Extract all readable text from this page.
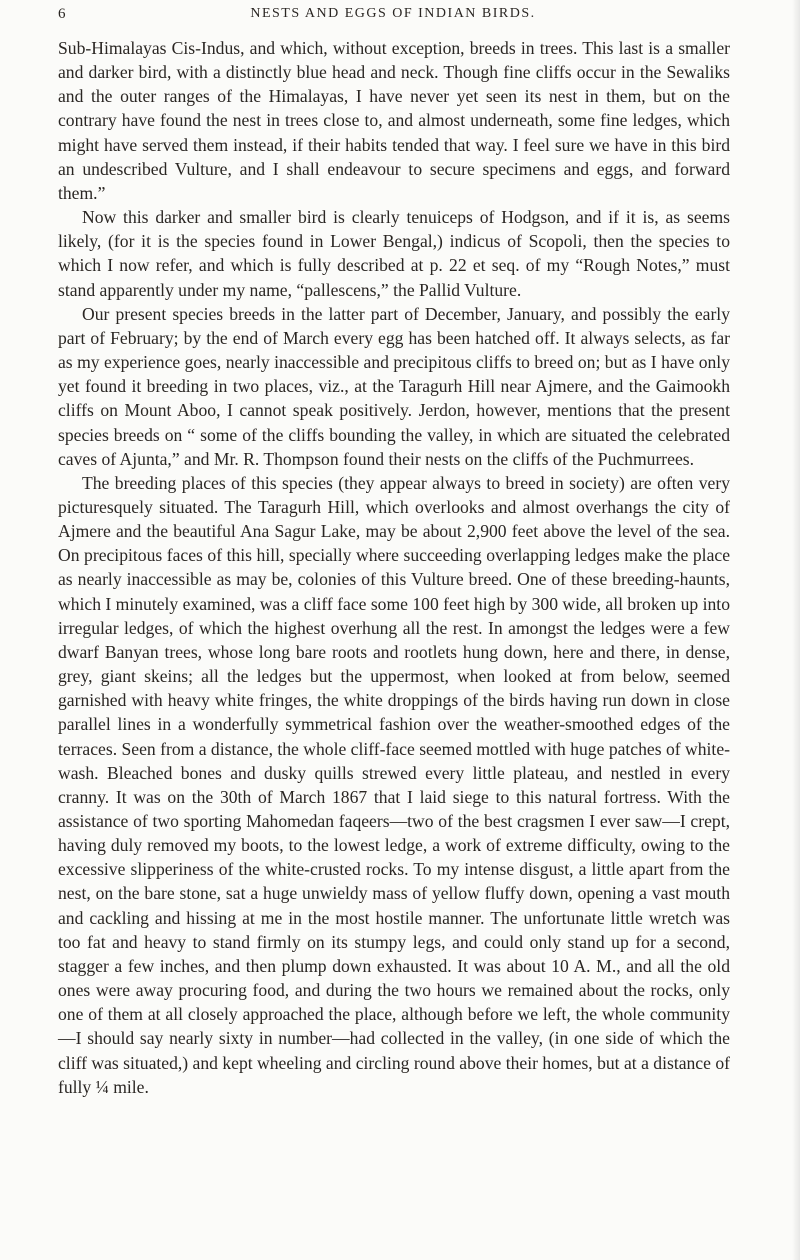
6	NESTS AND EGGS OF INDIAN BIRDS.

Sub-Himalayas Cis-Indus, and which, without exception, breeds in trees. This last is a smaller and darker bird, with a distinctly blue head and neck. Though fine cliffs occur in the Sewaliks and the outer ranges of the Himalayas, I have never yet seen its nest in them, but on the contrary have found the nest in trees close to, and almost underneath, some fine ledges, which might have served them instead, if their habits tended that way. I feel sure we have in this bird an undescribed Vulture, and I shall endeavour to secure specimens and eggs, and forward them.”

Now this darker and smaller bird is clearly tenuiceps of Hodgson, and if it is, as seems likely, (for it is the species found in Lower Bengal,) indicus of Scopoli, then the species to which I now refer, and which is fully described at p. 22 et seq. of my “Rough Notes,” must stand apparently under my name, “pallescens,” the Pallid Vulture.

Our present species breeds in the latter part of December, January, and possibly the early part of February; by the end of March every egg has been hatched off. It always selects, as far as my experience goes, nearly inaccessible and precipitous cliffs to breed on; but as I have only yet found it breeding in two places, viz., at the Taragurh Hill near Ajmere, and the Gaimookh cliffs on Mount Aboo, I cannot speak positively. Jerdon, however, mentions that the present species breeds on “ some of the cliffs bounding the valley, in which are situated the celebrated caves of Ajunta,” and Mr. R. Thompson found their nests on the cliffs of the Puchmurrees.

The breeding places of this species (they appear always to breed in society) are often very picturesquely situated. The Taragurh Hill, which overlooks and almost overhangs the city of Ajmere and the beautiful Ana Sagur Lake, may be about 2,900 feet above the level of the sea. On precipitous faces of this hill, specially where succeeding overlapping ledges make the place as nearly inaccessible as may be, colonies of this Vulture breed. One of these breeding-haunts, which I minutely examined, was a cliff face some 100 feet high by 300 wide, all broken up into irregular ledges, of which the highest overhung all the rest. In amongst the ledges were a few dwarf Banyan trees, whose long bare roots and rootlets hung down, here and there, in dense, grey, giant skeins; all the ledges but the uppermost, when looked at from below, seemed garnished with heavy white fringes, the white droppings of the birds having run down in close parallel lines in a wonderfully symmetrical fashion over the weather-smoothed edges of the terraces. Seen from a distance, the whole cliff-face seemed mottled with huge patches of white-wash. Bleached bones and dusky quills strewed every little plateau, and nestled in every cranny. It was on the 30th of March 1867 that I laid siege to this natural fortress. With the assistance of two sporting Mahomedan faqeers—two of the best cragsmen I ever saw—I crept, having duly removed my boots, to the lowest ledge, a work of extreme difficulty, owing to the excessive slipperiness of the white-crusted rocks. To my intense disgust, a little apart from the nest, on the bare stone, sat a huge unwieldy mass of yellow fluffy down, opening a vast mouth and cackling and hissing at me in the most hostile manner. The unfortunate little wretch was too fat and heavy to stand firmly on its stumpy legs, and could only stand up for a second, stagger a few inches, and then plump down exhausted. It was about 10 A. M., and all the old ones were away procuring food, and during the two hours we remained about the rocks, only one of them at all closely approached the place, although before we left, the whole community—I should say nearly sixty in number—had collected in the valley, (in one side of which the cliff was situated,) and kept wheeling and circling round above their homes, but at a distance of fully ¼ mile.
